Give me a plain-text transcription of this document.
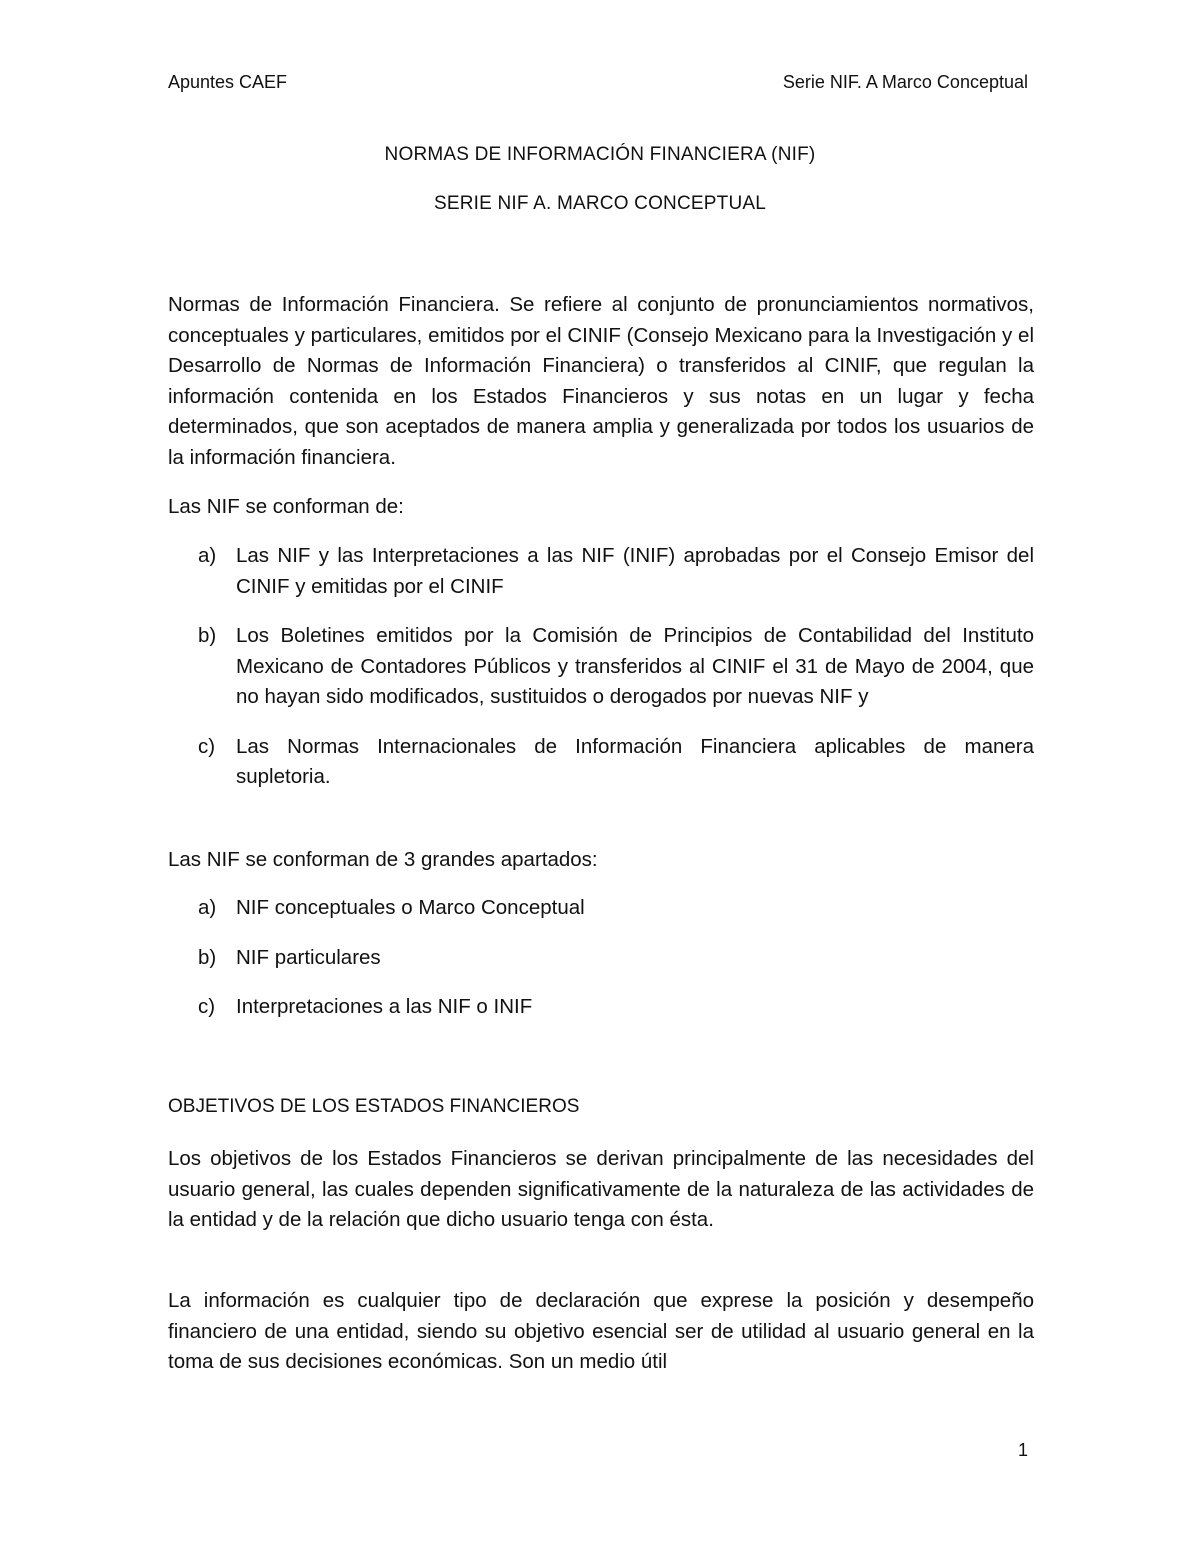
Apuntes CAEF	Serie NIF. A Marco Conceptual
NORMAS DE INFORMACIÓN FINANCIERA (NIF)
SERIE NIF A. MARCO CONCEPTUAL

Normas de Información Financiera. Se refiere al conjunto de pronunciamientos normativos, conceptuales y particulares, emitidos por el CINIF (Consejo Mexicano para la Investigación y el Desarrollo de Normas de Información Financiera) o transferidos al CINIF, que regulan la información contenida en los Estados Financieros y sus notas en un lugar y fecha determinados, que son aceptados de manera amplia y generalizada por todos los usuarios de la información financiera.

Las NIF se conforman de:

a) Las NIF y las Interpretaciones a las NIF (INIF) aprobadas por el Consejo Emisor del CINIF y emitidas por el CINIF
b) Los Boletines emitidos por la Comisión de Principios de Contabilidad del Instituto Mexicano de Contadores Públicos y transferidos al CINIF el 31 de Mayo de 2004, que no hayan sido modificados, sustituidos o derogados por nuevas NIF y
c)	Las Normas Internacionales de Información Financiera aplicables de manera supletoria.

Las NIF se conforman de 3 grandes apartados:

a) NIF conceptuales o Marco Conceptual
b) NIF particulares
c)	Interpretaciones a las NIF o INIF
OBJETIVOS DE LOS ESTADOS FINANCIEROS

Los objetivos de los Estados Financieros se derivan principalmente de las necesidades del usuario general, las cuales dependen significativamente de la naturaleza de las actividades de la entidad y de la relación que dicho usuario tenga con ésta.

La información es cualquier tipo de declaración que exprese la posición y desempeño financiero de una entidad, siendo su objetivo esencial ser de utilidad al usuario general en la toma de sus decisiones económicas. Son un medio útil

1
